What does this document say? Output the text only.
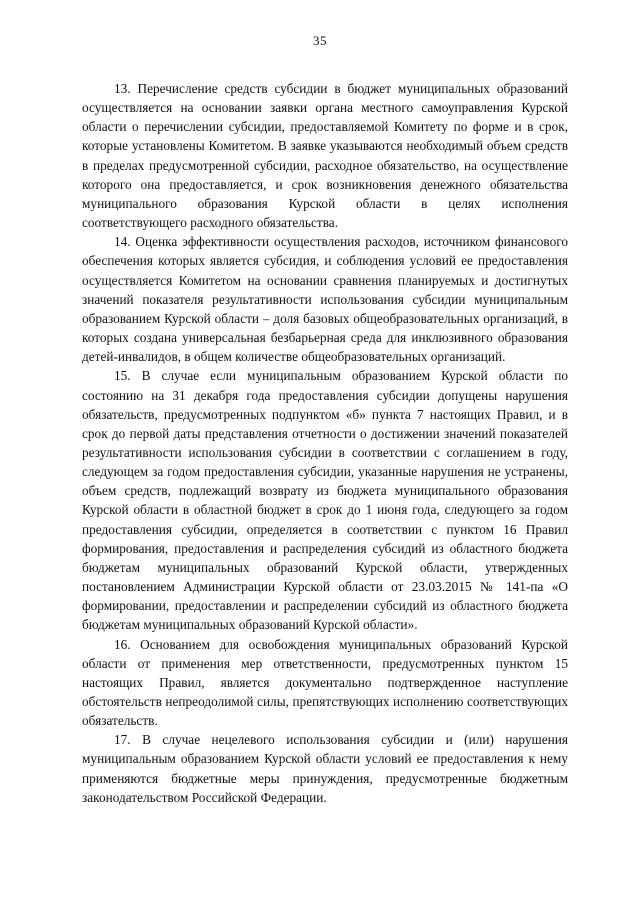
35

13. Перечисление средств субсидии в бюджет муниципальных образований осуществляется на основании заявки органа местного самоуправления Курской области о перечислении субсидии, предоставляемой Комитету по форме и в срок, которые установлены Комитетом. В заявке указываются необходимый объем средств в пределах предусмотренной субсидии, расходное обязательство, на осуществление которого она предоставляется, и срок возникновения денежного обязательства муниципального образования Курской области в целях исполнения соответствующего расходного обязательства.

14. Оценка эффективности осуществления расходов, источником финансового обеспечения которых является субсидия, и соблюдения условий ее предоставления осуществляется Комитетом на основании сравнения планируемых и достигнутых значений показателя результативности использования субсидии муниципальным образованием Курской области – доля базовых общеобразовательных организаций, в которых создана универсальная безбарьерная среда для инклюзивного образования детей-инвалидов, в общем количестве общеобразовательных организаций.

15. В случае если муниципальным образованием Курской области по состоянию на 31 декабря года предоставления субсидии допущены нарушения обязательств, предусмотренных подпунктом «б» пункта 7 настоящих Правил, и в срок до первой даты представления отчетности о достижении значений показателей результативности использования субсидии в соответствии с соглашением в году, следующем за годом предоставления субсидии, указанные нарушения не устранены, объем средств, подлежащий возврату из бюджета муниципального образования Курской области в областной бюджет в срок до 1 июня года, следующего за годом предоставления субсидии, определяется в соответствии с пунктом 16 Правил формирования, предоставления и распределения субсидий из областного бюджета бюджетам муниципальных образований Курской области, утвержденных постановлением Администрации Курской области от 23.03.2015 № 141-па «О формировании, предоставлении и распределении субсидий из областного бюджета бюджетам муниципальных образований Курской области».

16. Основанием для освобождения муниципальных образований Курской области от применения мер ответственности, предусмотренных пунктом 15 настоящих Правил, является документально подтвержденное наступление обстоятельств непреодолимой силы, препятствующих исполнению соответствующих обязательств.

17. В случае нецелевого использования субсидии и (или) нарушения муниципальным образованием Курской области условий ее предоставления к нему применяются бюджетные меры принуждения, предусмотренные бюджетным законодательством Российской Федерации.
